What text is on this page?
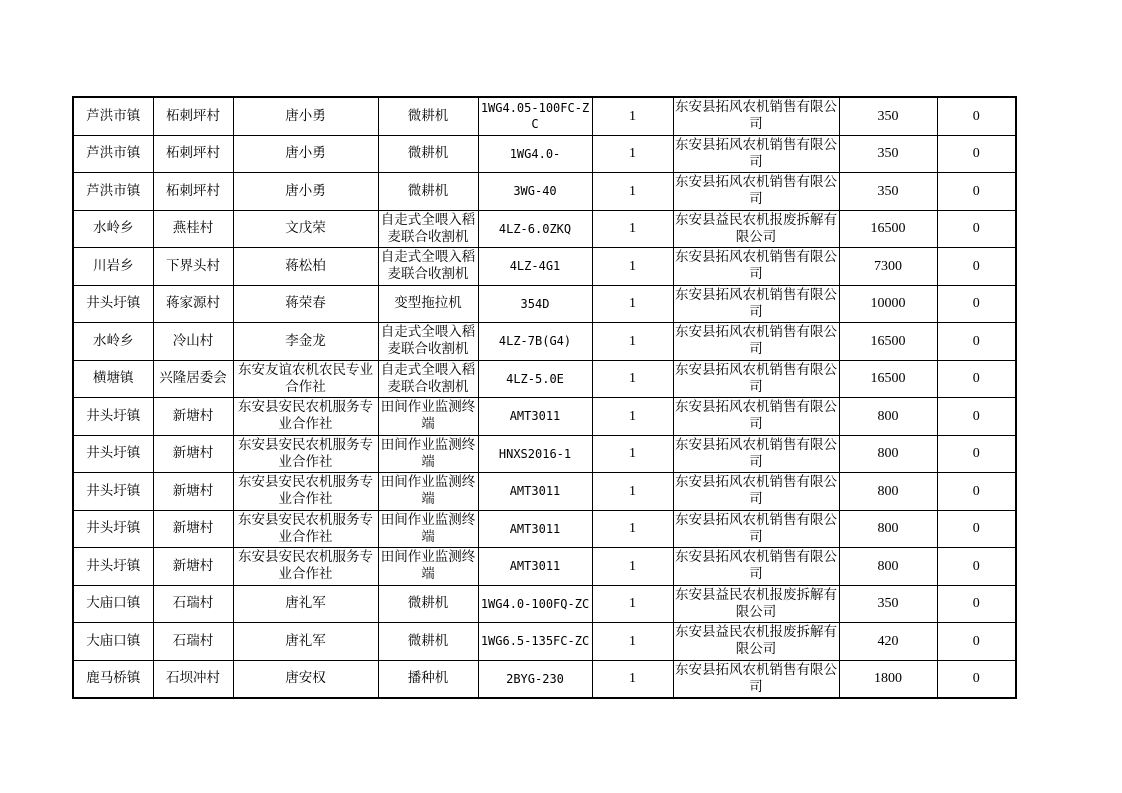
芦洪市镇	柘刺坪村	唐小勇	微耕机	1WG4.05-100FC-ZC	1	东安县拓风农机销售有限公司	350	0

芦洪市镇	柘刺坪村	唐小勇	微耕机	1WG4.0-	1	东安县拓风农机销售有限公司	350	0

芦洪市镇	柘刺坪村	唐小勇	微耕机	3WG-40	1	东安县拓风农机销售有限公司	350	0

水岭乡	燕桂村	文戊荣	自走式全喂入稻麦联合收割机	4LZ-6.0ZKQ	1	东安县益民农机报废拆解有限公司	16500	0

川岩乡	下界头村	蒋松柏	自走式全喂入稻麦联合收割机	4LZ-4G1	1	东安县拓风农机销售有限公司	7300	0

井头圩镇	蒋家源村	蒋荣春	变型拖拉机	354D	1	东安县拓风农机销售有限公司	10000	0

水岭乡	冷山村	李金龙	自走式全喂入稻麦联合收割机	4LZ-7B(G4)	1	东安县拓风农机销售有限公司	16500	0

横塘镇	兴隆居委会	东安友谊农机农民专业合作社	自走式全喂入稻麦联合收割机	4LZ-5.0E	1	东安县拓风农机销售有限公司	16500	0

井头圩镇	新塘村	东安县安民农机服务专业合作社	田间作业监测终端	AMT3011	1	东安县拓风农机销售有限公司	800	0

井头圩镇	新塘村	东安县安民农机服务专业合作社	田间作业监测终端	HNXS2016-1	1	东安县拓风农机销售有限公司	800	0

井头圩镇	新塘村	东安县安民农机服务专业合作社	田间作业监测终端	AMT3011	1	东安县拓风农机销售有限公司	800	0

井头圩镇	新塘村	东安县安民农机服务专业合作社	田间作业监测终端	AMT3011	1	东安县拓风农机销售有限公司	800	0

井头圩镇	新塘村	东安县安民农机服务专业合作社	田间作业监测终端	AMT3011	1	东安县拓风农机销售有限公司	800	0

大庙口镇	石瑞村	唐礼军	微耕机	1WG4.0-100FQ-ZC	1	东安县益民农机报废拆解有限公司	350	0

大庙口镇	石瑞村	唐礼军	微耕机	1WG6.5-135FC-ZC	1	东安县益民农机报废拆解有限公司	420	0

鹿马桥镇	石坝冲村	唐安权	播种机	2BYG-230	1	东安县拓风农机销售有限公司	1800	0
